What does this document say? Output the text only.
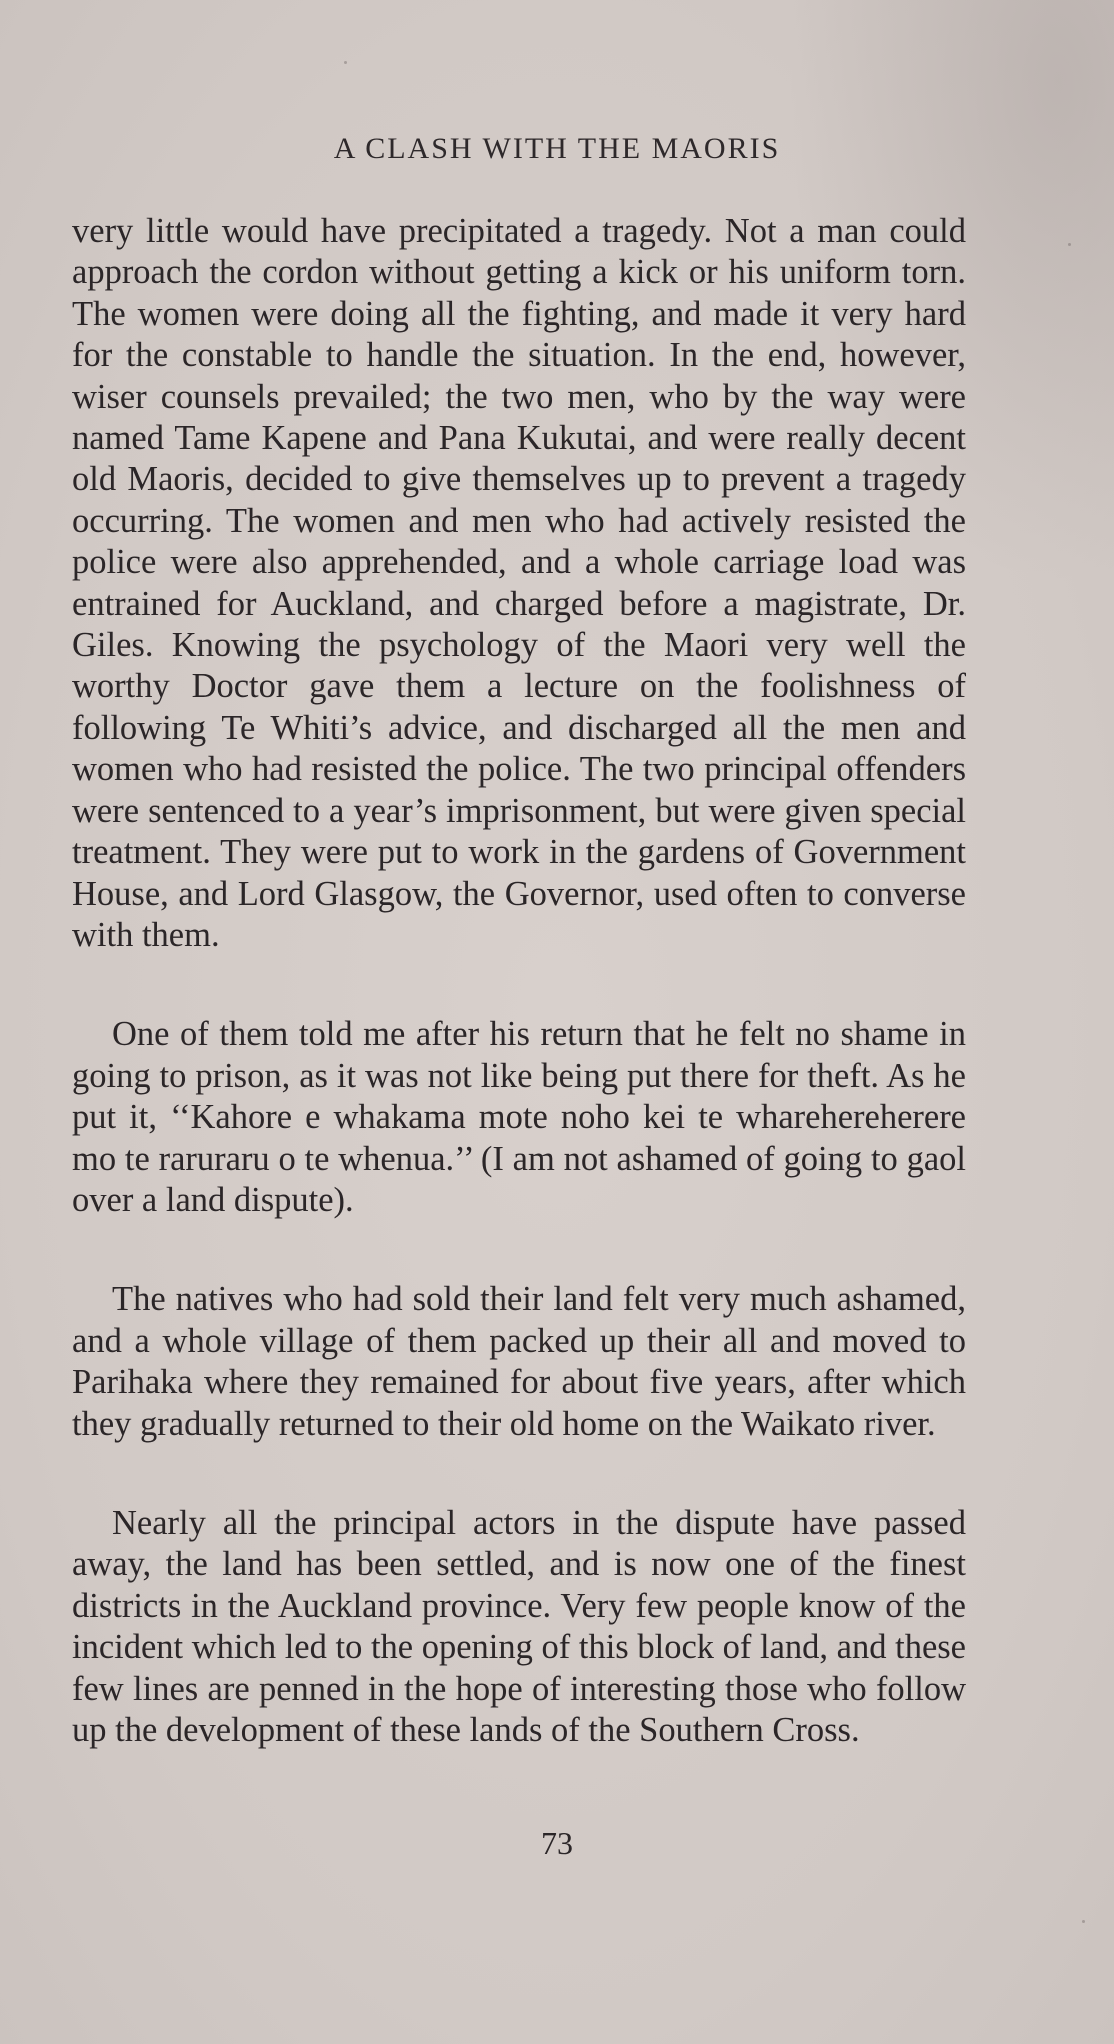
A CLASH WITH THE MAORIS

very little would have precipitated a tragedy. Not a man could approach the cordon without getting a kick or his uniform torn. The women were doing all the fighting, and made it very hard for the constable to handle the situation. In the end, however, wiser counsels prevailed; the two men, who by the way were named Tame Kapene and Pana Kukutai, and were really decent old Maoris, decided to give themselves up to prevent a tragedy occurring. The women and men who had actively resisted the police were also apprehended, and a whole carriage load was entrained for Auckland, and charged before a magistrate, Dr. Giles. Knowing the psychology of the Maori very well the worthy Doctor gave them a lecture on the foolishness of following Te Whiti’s advice, and discharged all the men and women who had resisted the police. The two principal offenders were sentenced to a year’s imprisonment, but were given special treatment. They were put to work in the gardens of Government House, and Lord Glasgow, the Governor, used often to converse with them.

One of them told me after his return that he felt no shame in going to prison, as it was not like being put there for theft. As he put it, ‘‘Kahore e whakama mote noho kei te wharehereherere mo te raruraru o te whenua.’’ (I am not ashamed of going to gaol over a land dispute).

The natives who had sold their land felt very much ashamed, and a whole village of them packed up their all and moved to Parihaka where they remained for about five years, after which they gradually returned to their old home on the Waikato river.

Nearly all the principal actors in the dispute have passed away, the land has been settled, and is now one of the finest districts in the Auckland province. Very few people know of the incident which led to the opening of this block of land, and these few lines are penned in the hope of interesting those who follow up the development of these lands of the Southern Cross.

73
